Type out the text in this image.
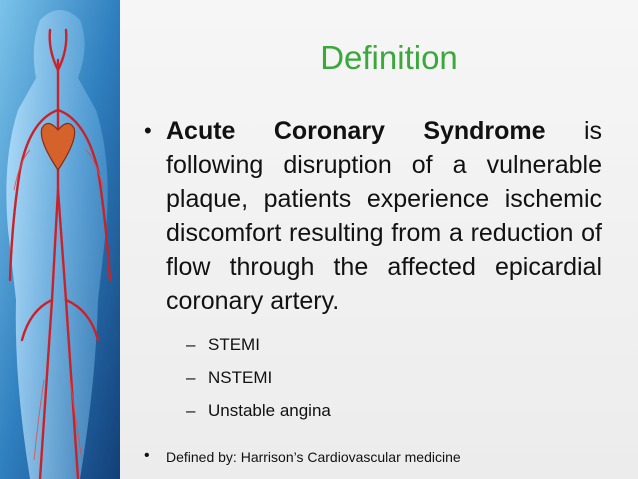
Definition
• Acute Coronary Syndrome is following disruption of a vulnerable plaque, patients experience ischemic discomfort resulting from a reduction of flow through the affected epicardial coronary artery.
– STEMI
– NSTEMI
– Unstable angina
• Defined by: Harrison’s Cardiovascular medicine
